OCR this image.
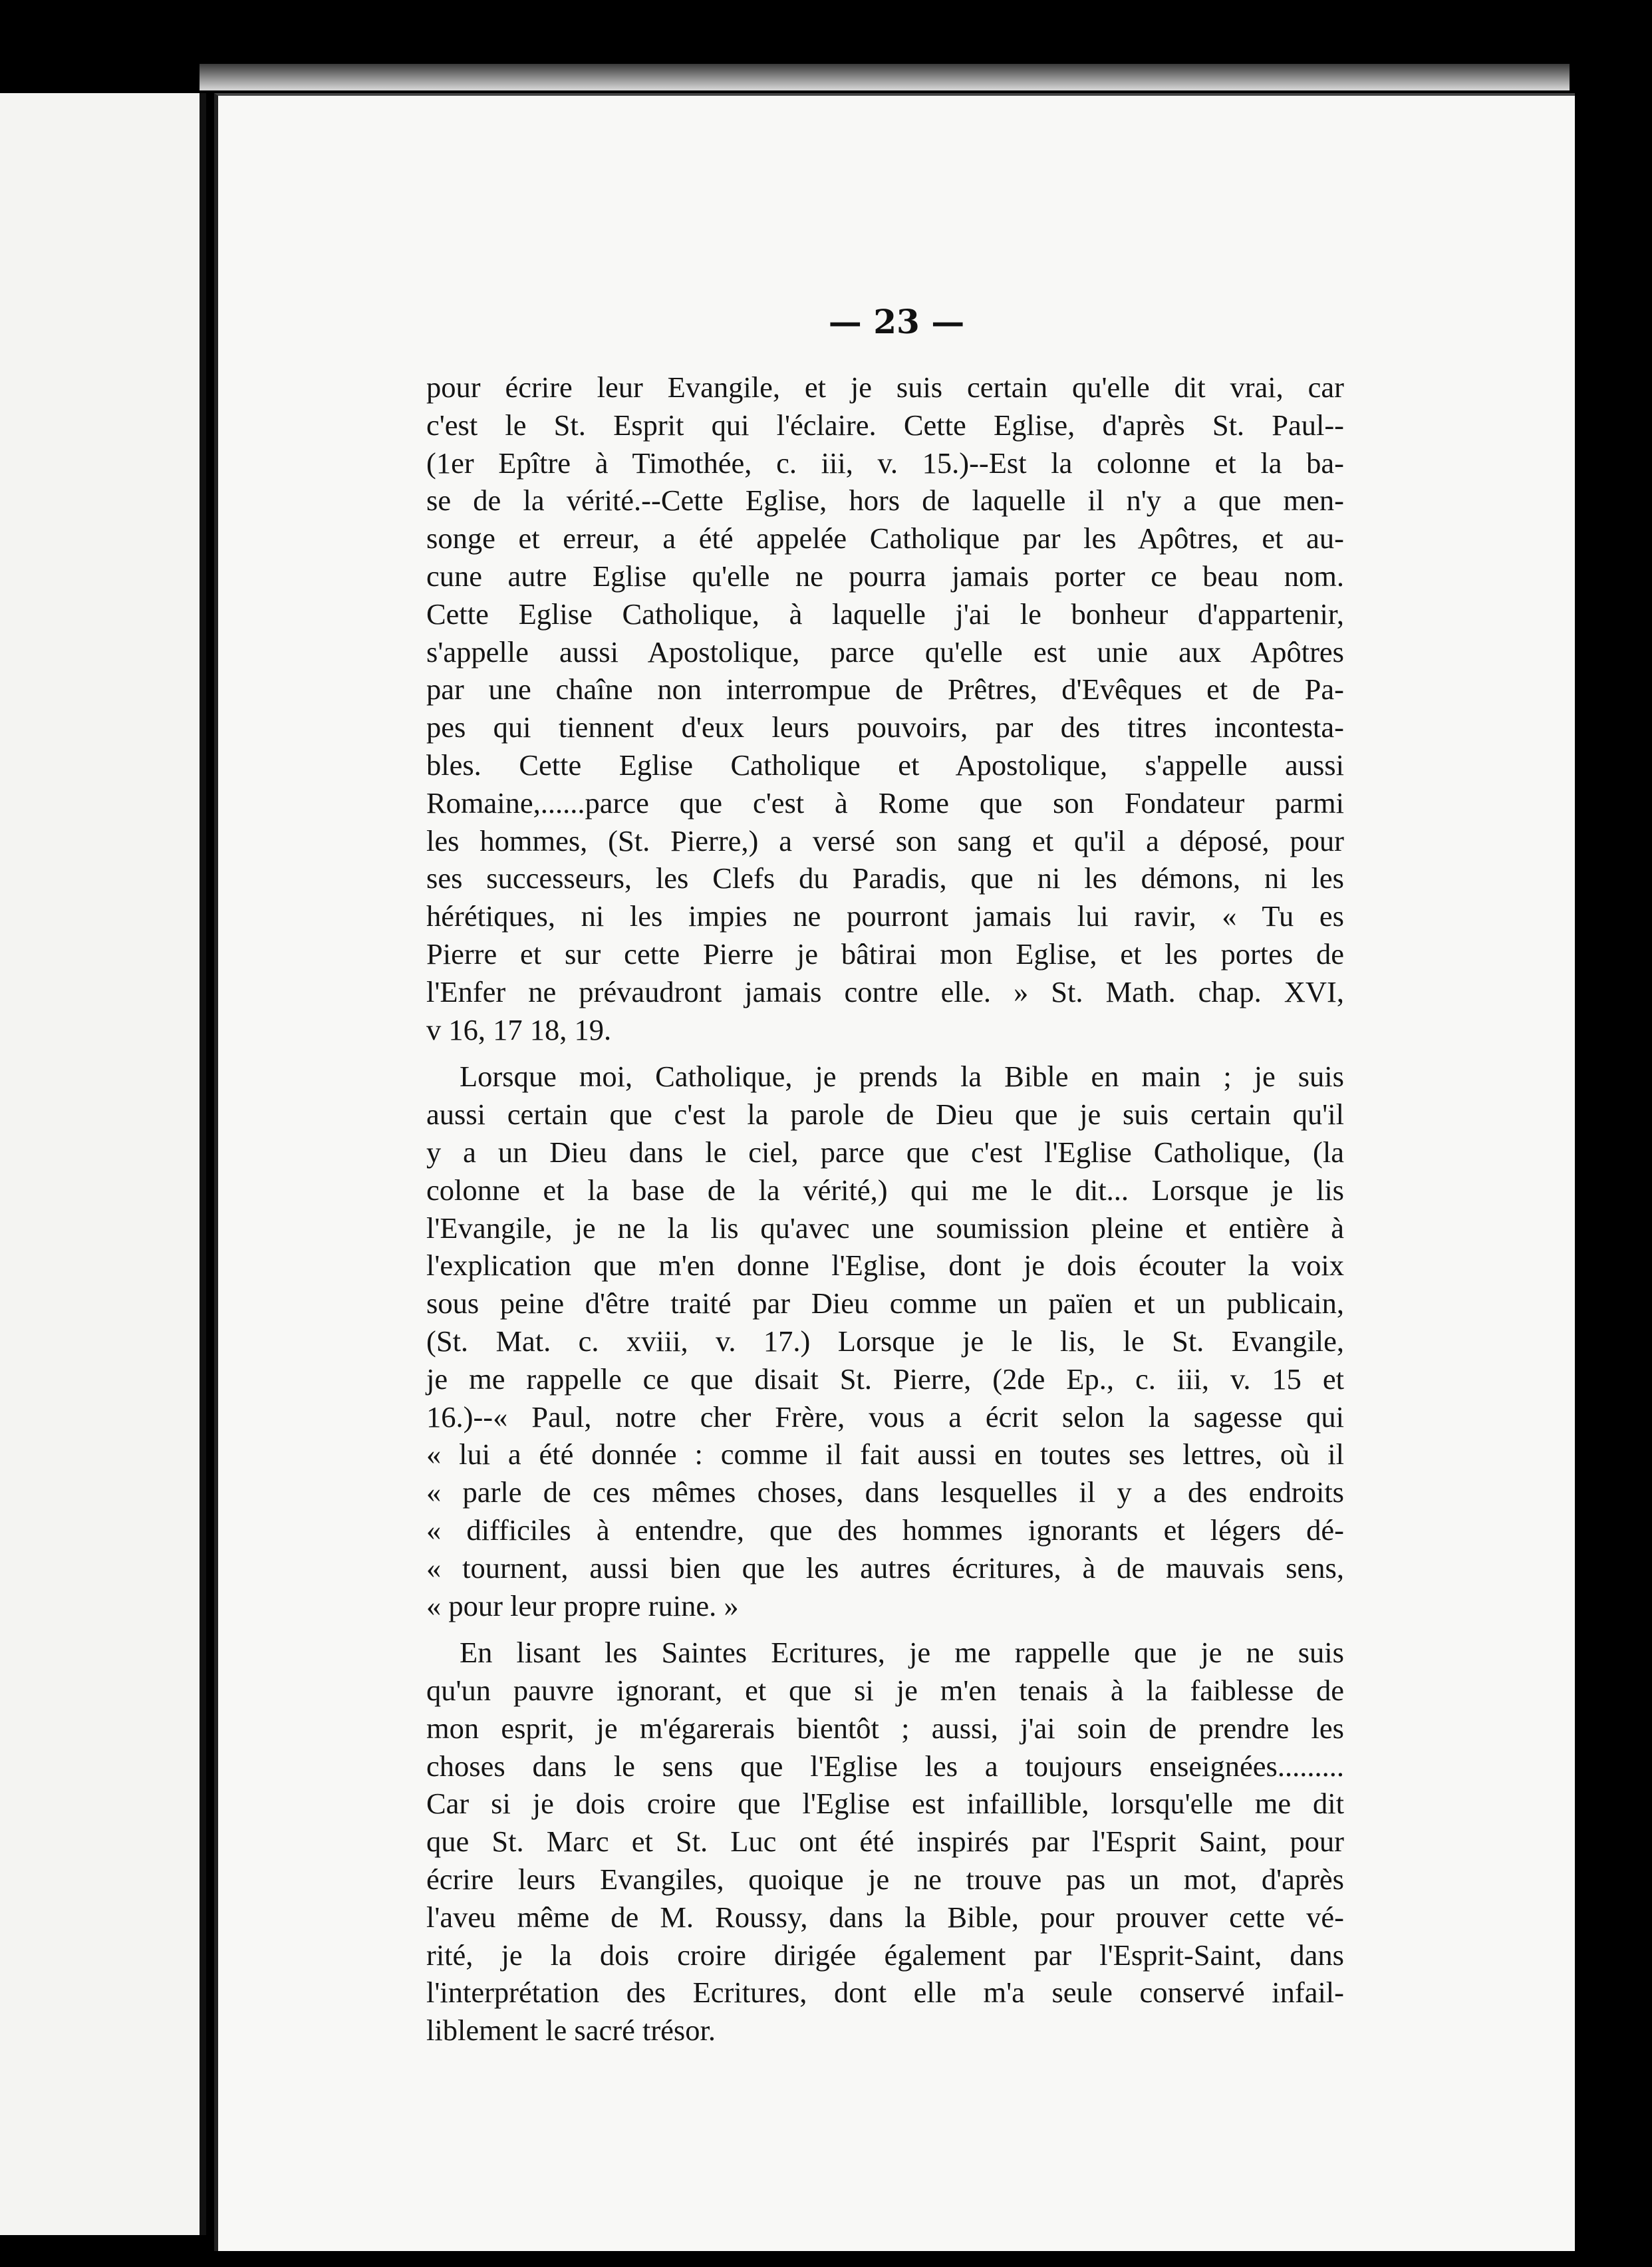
— 23 —

pour écrire leur Evangile, et je suis certain qu'elle dit vrai, car
c'est le St. Esprit qui l'éclaire. Cette Eglise, d'après St. Paul--
(1er Epître à Timothée, c. iii, v. 15.)--Est la colonne et la ba-
se de la vérité.--Cette Eglise, hors de laquelle il n'y a que men-
songe et erreur, a été appelée Catholique par les Apôtres, et au-
cune autre Eglise qu'elle ne pourra jamais porter ce beau nom.
Cette Eglise Catholique, à laquelle j'ai le bonheur d'appartenir,
s'appelle aussi Apostolique, parce qu'elle est unie aux Apôtres
par une chaîne non interrompue de Prêtres, d'Evêques et de Pa-
pes qui tiennent d'eux leurs pouvoirs, par des titres incontesta-
bles. Cette Eglise Catholique et Apostolique, s'appelle aussi
Romaine,......parce que c'est à Rome que son Fondateur parmi
les hommes, (St. Pierre,) a versé son sang et qu'il a déposé, pour
ses successeurs, les Clefs du Paradis, que ni les démons, ni les
hérétiques, ni les impies ne pourront jamais lui ravir, « Tu es
Pierre et sur cette Pierre je bâtirai mon Eglise, et les portes de
l'Enfer ne prévaudront jamais contre elle. » St. Math. chap. XVI,
v 16, 17 18, 19.

Lorsque moi, Catholique, je prends la Bible en main ; je suis
aussi certain que c'est la parole de Dieu que je suis certain qu'il
y a un Dieu dans le ciel, parce que c'est l'Eglise Catholique, (la
colonne et la base de la vérité,) qui me le dit... Lorsque je lis
l'Evangile, je ne la lis qu'avec une soumission pleine et entière à
l'explication que m'en donne l'Eglise, dont je dois écouter la voix
sous peine d'être traité par Dieu comme un païen et un publicain,
(St. Mat. c. xviii, v. 17.) Lorsque je le lis, le St. Evangile,
je me rappelle ce que disait St. Pierre, (2de Ep., c. iii, v. 15 et
16.)--« Paul, notre cher Frère, vous a écrit selon la sagesse qui
« lui a été donnée : comme il fait aussi en toutes ses lettres, où il
« parle de ces mêmes choses, dans lesquelles il y a des endroits
« difficiles à entendre, que des hommes ignorants et légers dé-
« tournent, aussi bien que les autres écritures, à de mauvais sens,
« pour leur propre ruine. »

En lisant les Saintes Ecritures, je me rappelle que je ne suis
qu'un pauvre ignorant, et que si je m'en tenais à la faiblesse de
mon esprit, je m'égarerais bientôt ; aussi, j'ai soin de prendre les
choses dans le sens que l'Eglise les a toujours enseignées.........
Car si je dois croire que l'Eglise est infaillible, lorsqu'elle me dit
que St. Marc et St. Luc ont été inspirés par l'Esprit Saint, pour
écrire leurs Evangiles, quoique je ne trouve pas un mot, d'après
l'aveu même de M. Roussy, dans la Bible, pour prouver cette vé-
rité, je la dois croire dirigée également par l'Esprit-Saint, dans
l'interprétation des Ecritures, dont elle m'a seule conservé infail-
liblement le sacré trésor.
